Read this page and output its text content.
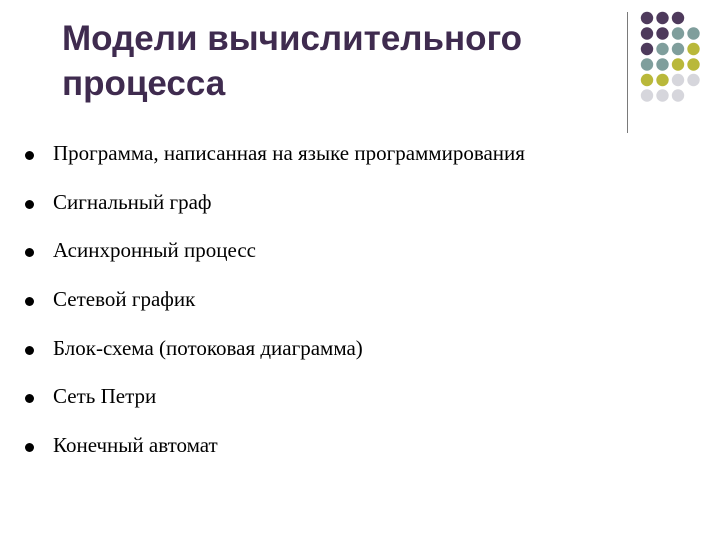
Модели вычислительного процесса
Программа, написанная на языке программирования
Сигнальный граф
Асинхронный процесс
Сетевой график
Блок-схема (потоковая диаграмма)
Сеть Петри
Конечный автомат
